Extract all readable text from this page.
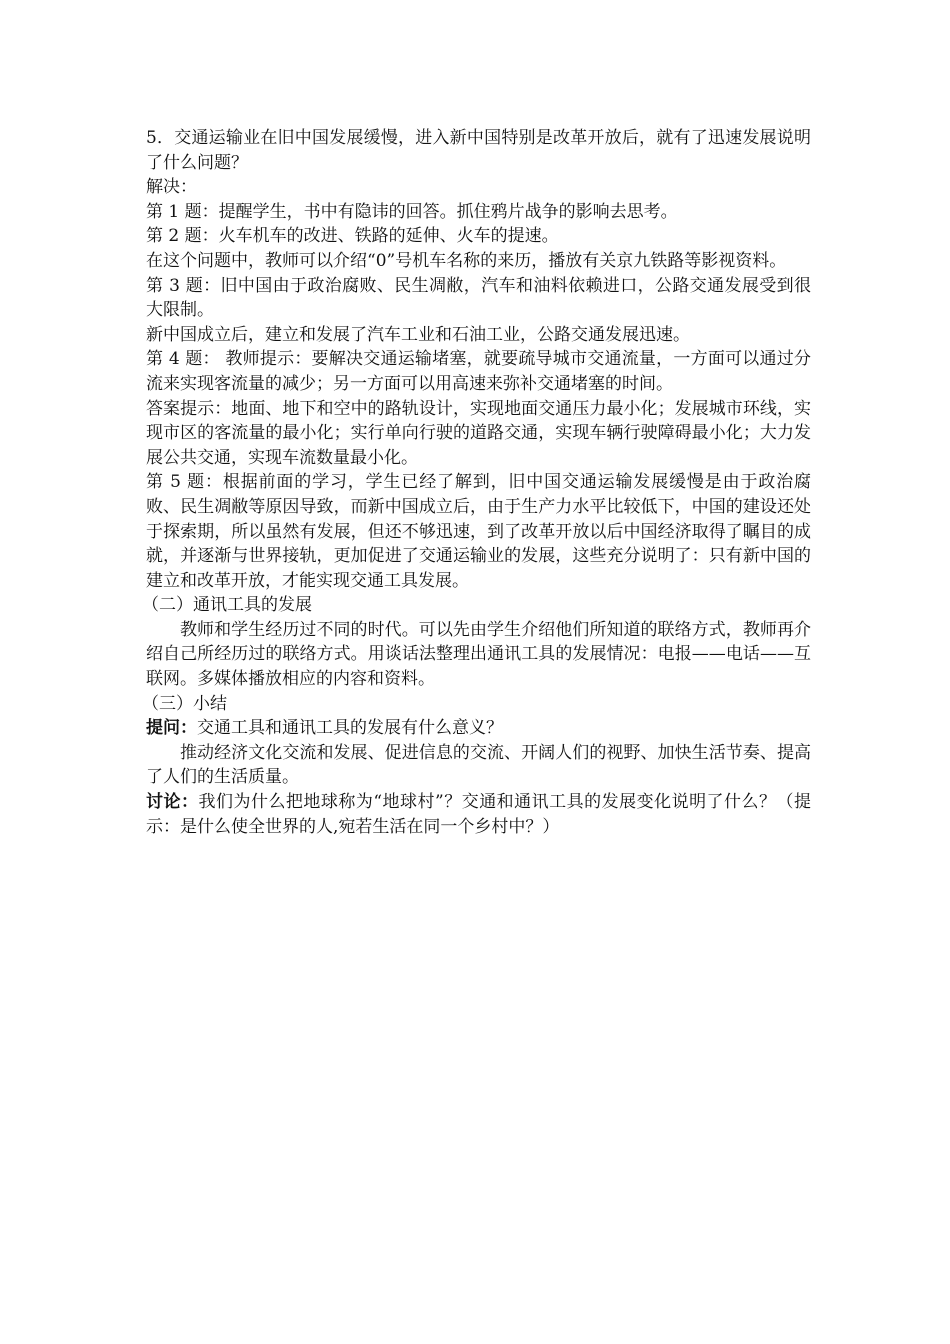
5．交通运输业在旧中国发展缓慢，进入新中国特别是改革开放后，就有了迅速发展说明了什么问题？

解决：

第 1 题：提醒学生，书中有隐讳的回答。抓住鸦片战争的影响去思考。

第 2 题：火车机车的改进、铁路的延伸、火车的提速。

在这个问题中，教师可以介绍“0”号机车名称的来历，播放有关京九铁路等影视资料。

第 3 题：旧中国由于政治腐败、民生凋敝，汽车和油料依赖进口，公路交通发展受到很大限制。

新中国成立后，建立和发展了汽车工业和石油工业，公路交通发展迅速。

第 4 题： 教师提示：要解决交通运输堵塞，就要疏导城市交通流量，一方面可以通过分流来实现客流量的减少；另一方面可以用高速来弥补交通堵塞的时间。

答案提示：地面、地下和空中的路轨设计，实现地面交通压力最小化；发展城市环线，实现市区的客流量的最小化；实行单向行驶的道路交通，实现车辆行驶障碍最小化；大力发展公共交通，实现车流数量最小化。

第 5 题：根据前面的学习，学生已经了解到，旧中国交通运输发展缓慢是由于政治腐败、民生凋敝等原因导致，而新中国成立后，由于生产力水平比较低下，中国的建设还处于探索期，所以虽然有发展，但还不够迅速，到了改革开放以后中国经济取得了瞩目的成就，并逐渐与世界接轨，更加促进了交通运输业的发展，这些充分说明了：只有新中国的建立和改革开放，才能实现交通工具发展。

（二）通讯工具的发展

教师和学生经历过不同的时代。可以先由学生介绍他们所知道的联络方式，教师再介绍自己所经历过的联络方式。用谈话法整理出通讯工具的发展情况：电报——电话——互联网。多媒体播放相应的内容和资料。

（三）小结

提问：交通工具和通讯工具的发展有什么意义？

推动经济文化交流和发展、促进信息的交流、开阔人们的视野、加快生活节奏、提高了人们的生活质量。

讨论：我们为什么把地球称为“地球村”？交通和通讯工具的发展变化说明了什么？（提示：是什么使全世界的人,宛若生活在同一个乡村中？）
